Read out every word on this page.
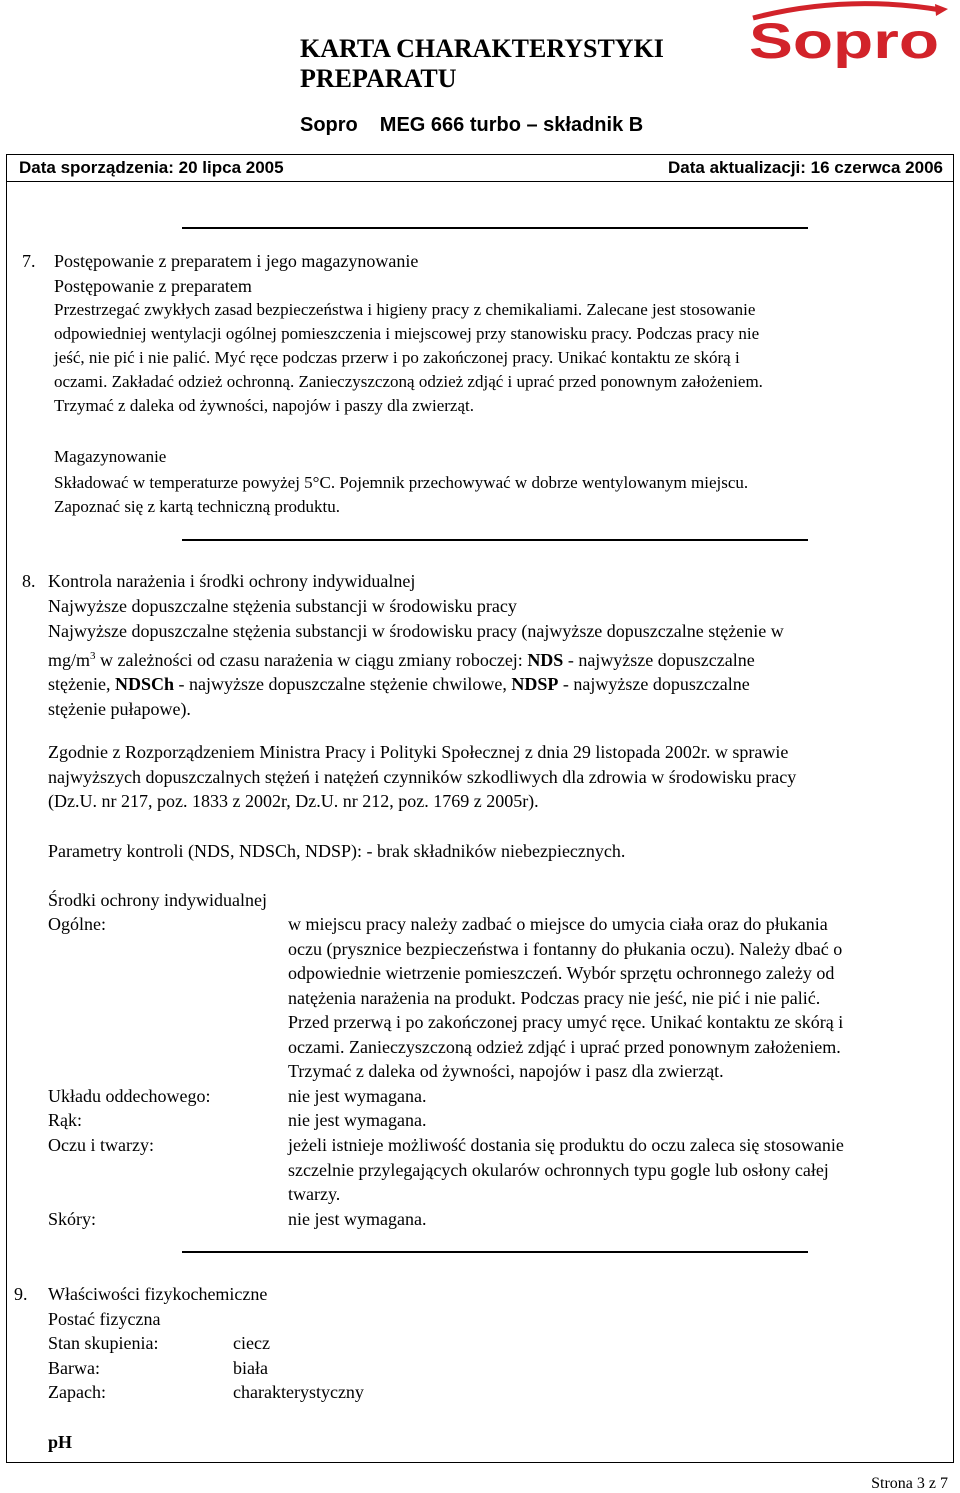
KARTA CHARAKTERYSTYKI
PREPARATU
Sopro MEG 666 turbo – składnik B
Sopro
Data sporządzenia: 20 lipca 2005	Data aktualizacji: 16 czerwca 2006
7. Postępowanie z preparatem i jego magazynowanie
Postępowanie z preparatem
Przestrzegać zwykłych zasad bezpieczeństwa i higieny pracy z chemikaliami. Zalecane jest stosowanie
odpowiedniej wentylacji ogólnej pomieszczenia i miejscowej przy stanowisku pracy. Podczas pracy nie
jeść, nie pić i nie palić. Myć ręce podczas przerw i po zakończonej pracy. Unikać kontaktu ze skórą i
oczami. Zakładać odzież ochronną. Zanieczyszczoną odzież zdjąć i uprać przed ponownym założeniem.
Trzymać z daleka od żywności, napojów i paszy dla zwierząt.
Magazynowanie
Składować w temperaturze powyżej 5°C. Pojemnik przechowywać w dobrze wentylowanym miejscu.
Zapoznać się z kartą techniczną produktu.
8. Kontrola narażenia i środki ochrony indywidualnej
Najwyższe dopuszczalne stężenia substancji w środowisku pracy
Najwyższe dopuszczalne stężenia substancji w środowisku pracy (najwyższe dopuszczalne stężenie w
$mg/m^3$ w zależności od czasu narażenia w ciągu zmiany roboczej: NDS - najwyższe dopuszczalne
stężenie, NDSCh - najwyższe dopuszczalne stężenie chwilowe, NDSP - najwyższe dopuszczalne
stężenie pułapowe).
Zgodnie z Rozporządzeniem Ministra Pracy i Polityki Społecznej z dnia 29 listopada 2002r. w sprawie
najwyższych dopuszczalnych stężeń i natężeń czynników szkodliwych dla zdrowia w środowisku pracy
(Dz.U. nr 217, poz. 1833 z 2002r, Dz.U. nr 212, poz. 1769 z 2005r).
Parametry kontroli (NDS, NDSCh, NDSP): - brak składników niebezpiecznych.
Środki ochrony indywidualnej
Ogólne:	w miejscu pracy należy zadbać o miejsce do umycia ciała oraz do płukania
oczu (prysznice bezpieczeństwa i fontanny do płukania oczu). Należy dbać o
odpowiednie wietrzenie pomieszczeń. Wybór sprzętu ochronnego zależy od
natężenia narażenia na produkt. Podczas pracy nie jeść, nie pić i nie palić.
Przed przerwą i po zakończonej pracy umyć ręce. Unikać kontaktu ze skórą i
oczami. Zanieczyszczoną odzież zdjąć i uprać przed ponownym założeniem.
Trzymać z daleka od żywności, napojów i pasz dla zwierząt.
Układu oddechowego:	nie jest wymagana.
Rąk:	nie jest wymagana.
Oczu i twarzy:	jeżeli istnieje możliwość dostania się produktu do oczu zaleca się stosowanie
szczelnie przylegających okularów ochronnych typu gogle lub osłony całej
twarzy.
Skóry:	nie jest wymagana.
9. Właściwości fizykochemiczne
Postać fizyczna
Stan skupienia:	ciecz
Barwa:	biała
Zapach:	charakterystyczny
pH
Strona 3 z 7
